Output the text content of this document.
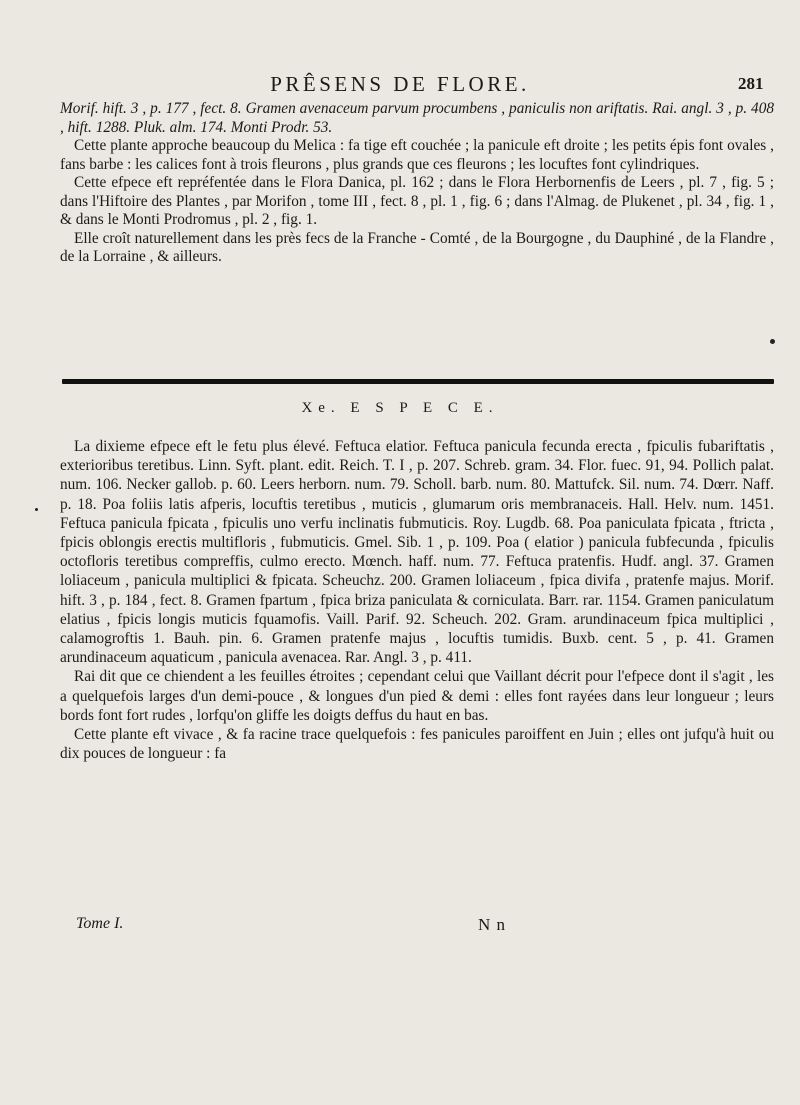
PRÊSENS DE FLORE.	281

Morif. hift. 3 , p. 177 , fect. 8. Gramen avenaceum parvum procumbens , paniculis non ariftatis. Rai. angl. 3 , p. 408 , hift. 1288. Pluk. alm. 174. Monti Prodr. 53.

Cette plante approche beaucoup du Melica : fa tige eft couchée ; la panicule eft droite ; les petits épis font ovales , fans barbe : les calices font à trois fleurons , plus grands que ces fleurons ; les locuftes font cylindriques.

Cette efpece eft repréfentée dans le Flora Danica, pl. 162 ; dans le Flora Herbornenfis de Leers , pl. 7 , fig. 5 ; dans l'Hiftoire des Plantes , par Morifon , tome III , fect. 8 , pl. 1 , fig. 6 ; dans l'Almag. de Plukenet , pl. 34 , fig. 1 , & dans le Monti Prodromus , pl. 2 , fig. 1.

Elle croît naturellement dans les près fecs de la Franche - Comté , de la Bourgogne , du Dauphiné , de la Flandre , de la Lorraine , & ailleurs.

Xe. E S P E C E.

La dixieme efpece eft le fetu plus élevé. Feftuca elatior. Feftuca panicula fecunda erecta , fpiculis fubariftatis , exterioribus teretibus. Linn. Syft. plant. edit. Reich. T. I , p. 207. Schreb. gram. 34. Flor. fuec. 91, 94. Pollich palat. num. 106. Necker gallob. p. 60. Leers herborn. num. 79. Scholl. barb. num. 80. Mattufck. Sil. num. 74. Dœrr. Naff. p. 18. Poa foliis latis afperis, locuftis teretibus , muticis , glumarum oris membranaceis. Hall. Helv. num. 1451. Feftuca panicula fpicata , fpiculis uno verfu inclinatis fubmuticis. Roy. Lugdb. 68. Poa paniculata fpicata , ftricta , fpicis oblongis erectis multifloris , fubmuticis. Gmel. Sib. 1 , p. 109. Poa ( elatior ) panicula fubfecunda , fpiculis octofloris teretibus compreffis, culmo erecto. Mœnch. haff. num. 77. Feftuca pratenfis. Hudf. angl. 37. Gramen loliaceum , panicula multiplici & fpicata. Scheuchz. 200. Gramen loliaceum , fpica divifa , pratenfe majus. Morif. hift. 3 , p. 184 , fect. 8. Gramen fpartum , fpica briza paniculata & corniculata. Barr. rar. 1154. Gramen paniculatum elatius , fpicis longis muticis fquamofis. Vaill. Parif. 92. Scheuch. 202. Gram. arundinaceum fpica multiplici , calamogroftis 1. Bauh. pin. 6. Gramen pratenfe majus , locuftis tumidis. Buxb. cent. 5 , p. 41. Gramen arundinaceum aquaticum , panicula avenacea. Rar. Angl. 3 , p. 411.

Rai dit que ce chiendent a les feuilles étroites ; cependant celui que Vaillant décrit pour l'efpece dont il s'agit , les a quelquefois larges d'un demi-pouce , & longues d'un pied & demi : elles font rayées dans leur longueur ; leurs bords font fort rudes , lorfqu'on gliffe les doigts deffus du haut en bas.

Cette plante eft vivace , & fa racine trace quelquefois : fes panicules paroiffent en Juin ; elles ont jufqu'à huit ou dix pouces de longueur : fa

Tome I.	N n
